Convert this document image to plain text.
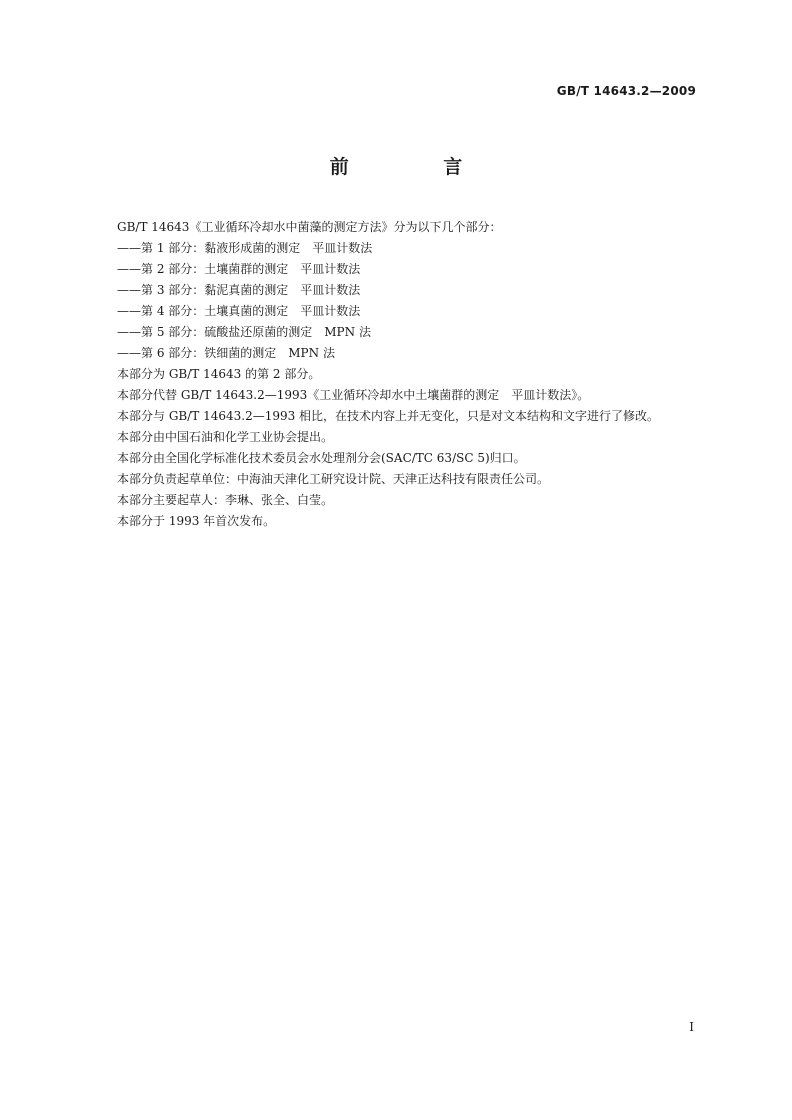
GB/T 14643.2—2009
前 言

GB/T 14643《工业循环冷却水中菌藻的测定方法》分为以下几个部分：

——第 1 部分：黏液形成菌的测定　平皿计数法

——第 2 部分：土壤菌群的测定　平皿计数法

——第 3 部分：黏泥真菌的测定　平皿计数法

——第 4 部分：土壤真菌的测定　平皿计数法

——第 5 部分：硫酸盐还原菌的测定　MPN 法

——第 6 部分：铁细菌的测定　MPN 法

本部分为 GB/T 14643 的第 2 部分。

本部分代替 GB/T 14643.2—1993《工业循环冷却水中土壤菌群的测定　平皿计数法》。

本部分与 GB/T 14643.2—1993 相比，在技术内容上并无变化，只是对文本结构和文字进行了修改。

本部分由中国石油和化学工业协会提出。

本部分由全国化学标准化技术委员会水处理剂分会(SAC/TC 63/SC 5)归口。

本部分负责起草单位：中海油天津化工研究设计院、天津正达科技有限责任公司。

本部分主要起草人：李琳、张全、白莹。

本部分于 1993 年首次发布。

I
